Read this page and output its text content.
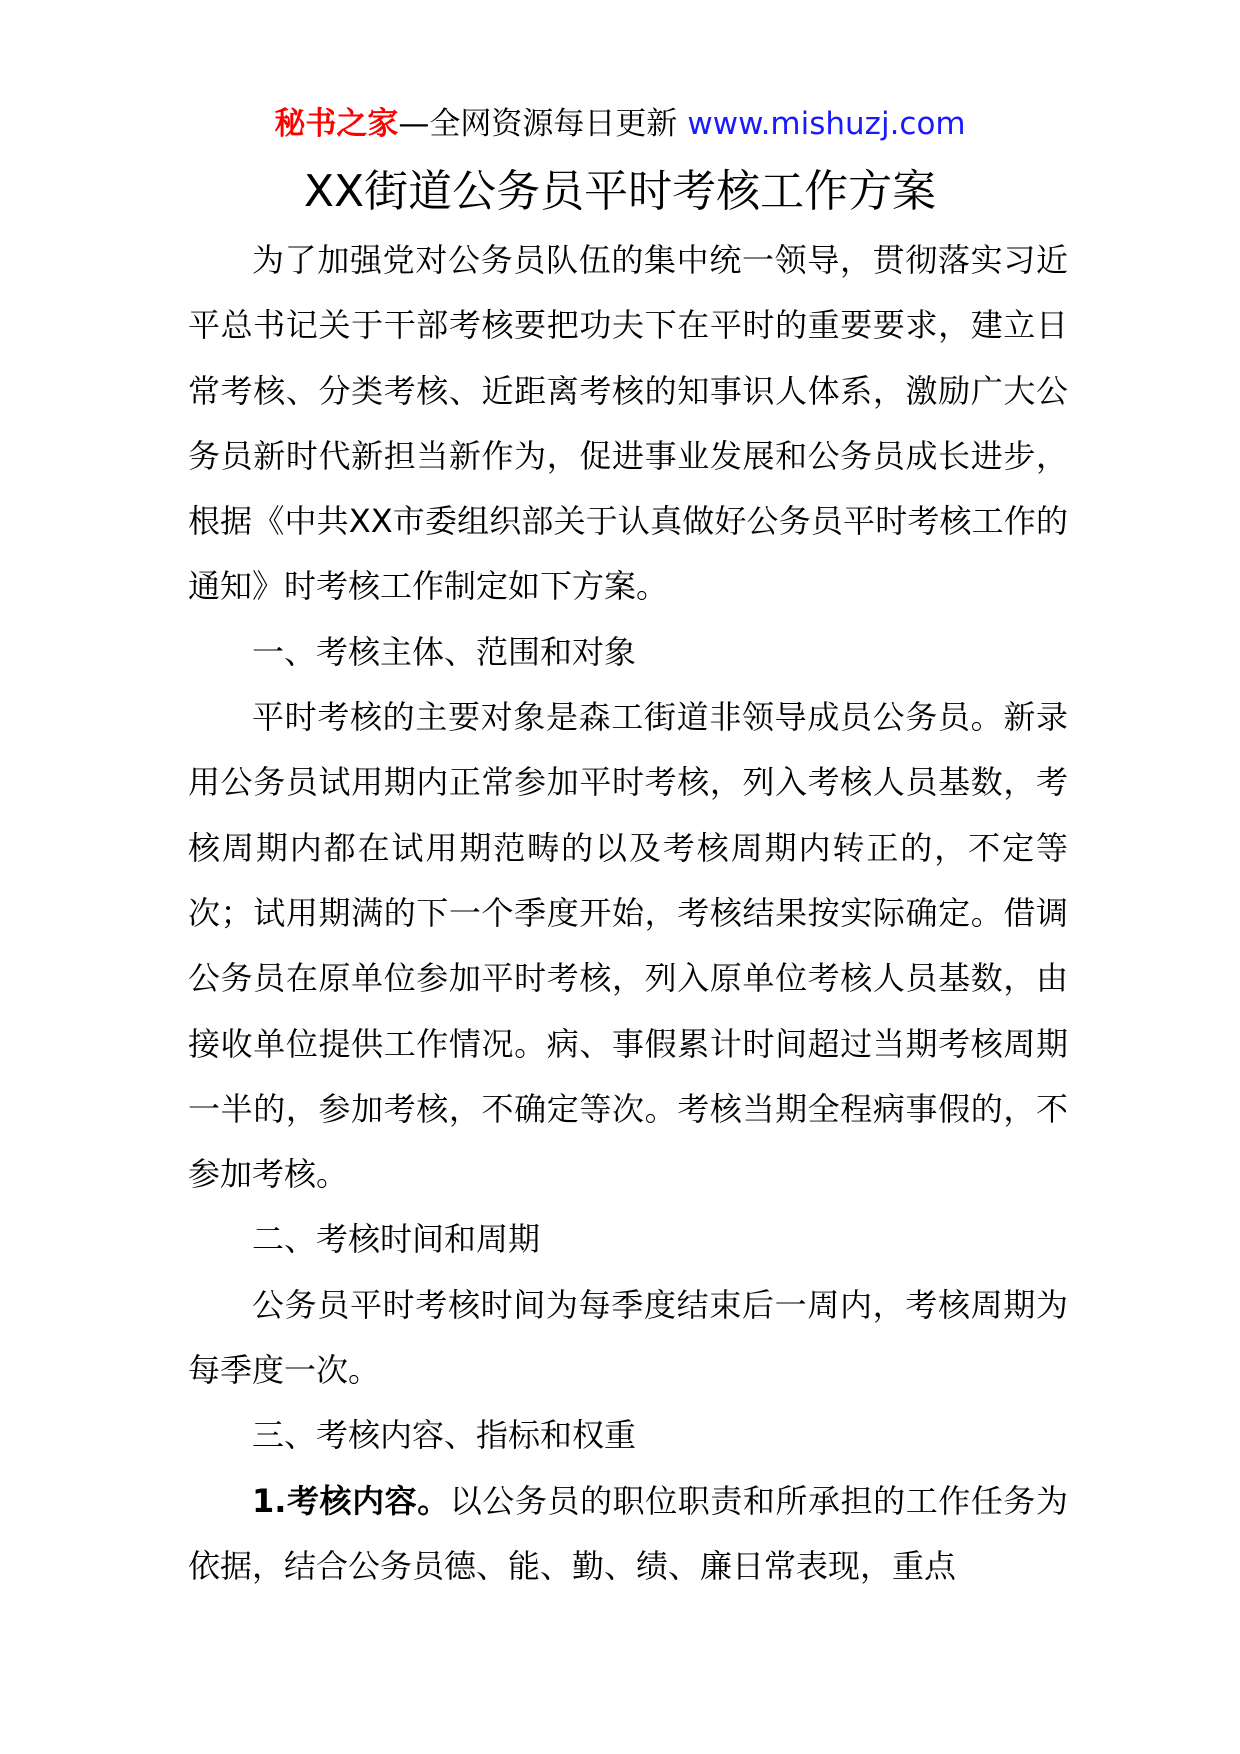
秘书之家—全网资源每日更新 www.mishuzj.com
XX街道公务员平时考核工作方案

为了加强党对公务员队伍的集中统一领导，贯彻落实习近平总书记关于干部考核要把功夫下在平时的重要要求，建立日常考核、分类考核、近距离考核的知事识人体系，激励广大公务员新时代新担当新作为，促进事业发展和公务员成长进步，根据《中共XX市委组织部关于认真做好公务员平时考核工作的通知》时考核工作制定如下方案。

一、考核主体、范围和对象

平时考核的主要对象是森工街道非领导成员公务员。新录用公务员试用期内正常参加平时考核，列入考核人员基数，考核周期内都在试用期范畴的以及考核周期内转正的，不定等次；试用期满的下一个季度开始，考核结果按实际确定。借调公务员在原单位参加平时考核，列入原单位考核人员基数，由接收单位提供工作情况。病、事假累计时间超过当期考核周期一半的，参加考核，不确定等次。考核当期全程病事假的，不参加考核。

二、考核时间和周期

公务员平时考核时间为每季度结束后一周内，考核周期为每季度一次。

三、考核内容、指标和权重

1.考核内容。以公务员的职位职责和所承担的工作任务为依据，结合公务员德、能、勤、绩、廉日常表现，重点
